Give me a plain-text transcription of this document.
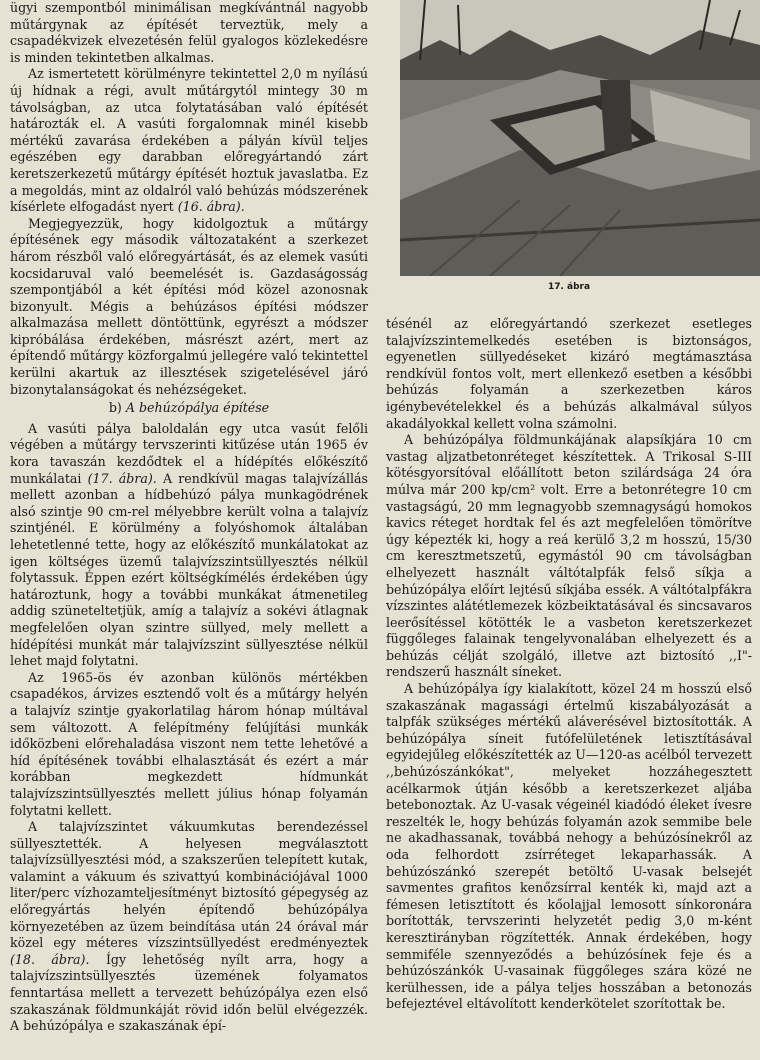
ügyi szempontból minimálisan megkívántnál nagyobb műtárgynak az építését terveztük, mely a csapadékvizek elvezetésén felül gyalogos közlekedésre is minden tekintetben alkalmas.

Az ismertetett körülményre tekintettel 2,0 m nyílású új hídnak a régi, avult műtárgytól mintegy 30 m távolságban, az utca folytatásában való építését határozták el. A vasúti forgalomnak minél kisebb mértékű zavarása érdekében a pályán kívül teljes egészében egy darabban előregyártandó zárt keretszerkezetű műtárgy építését hoztuk javaslatba. Ez a megoldás, mint az oldalról való behúzás módszerének kísérlete elfogadást nyert (16. ábra).

Megjegyezzük, hogy kidolgoztuk a műtárgy építésének egy második változataként a szerkezet három részből való előregyártását, és az elemek vasúti kocsidaruval való beemelését is. Gazdaságosság szempontjából a két építési mód közel azonosnak bizonyult. Mégis a behúzásos építési módszer alkalmazása mellett döntöttünk, egyrészt a módszer kipróbálása érdekében, másrészt azért, mert az építendő műtárgy közforgalmú jellegére való tekintettel kerülni akartuk az illesztések szigetelésével járó bizonytalanságokat és nehézségeket.

b) A behúzópálya építése

A vasúti pálya baloldalán egy utca vasút felőli végében a műtárgy tervszerinti kitűzése után 1965 év kora tavaszán kezdődtek el a hídépítés előkészítő munkálatai (17. ábra). A rendkívül magas talajvízállás mellett azonban a hídbehúzó pálya munkagödrének alsó szintje 90 cm-rel mélyebbre került volna a talajvíz szintjénél. E körülmény a folyóshomok általában lehetetlenné tette, hogy az előkészítő munkálatokat az igen költséges üzemű talajvízszintsüllyesztés nélkül folytassuk. Éppen ezért költségkímélés érdekében úgy határoztunk, hogy a további munkákat átmenetileg addig szüneteltetjük, amíg a talajvíz a sokévi átlagnak megfelelően olyan szintre süllyed, mely mellett a hídépítési munkát már talajvízszint süllyesztése nélkül lehet majd folytatni.

Az 1965-ös év azonban különös mértékben csapadékos, árvizes esztendő volt és a műtárgy helyén a talajvíz szintje gyakorlatilag három hónap múltával sem változott. A felépítmény felújítási munkák időközbeni előrehaladása viszont nem tette lehetővé a híd építésének további elhalasztását és ezért a már korábban megkezdett hídmunkát talajvízszintsüllyesztés mellett július hónap folyamán folytatni kellett.

A talajvízszintet vákuumkutas berendezéssel süllyesztették. A helyesen megválasztott talajvízsüllyesztési mód, a szakszerűen telepített kutak, valamint a vákuum és szivattyú kombinációjával 1000 liter/perc vízhozamteljesítményt biztosító gépegység az előregyártás helyén építendő behúzópálya környezetében az üzem beindítása után 24 órával már közel egy méteres vízszintsüllyedést eredményeztek (18. ábra). Így lehetőség nyílt arra, hogy a talajvízszintsüllyesztés üzemének folyamatos fenntartása mellett a tervezett behúzópálya ezen első szakaszának földmunkáját rövid időn belül elvégezzék. A behúzópálya e szakaszának épí-

17. ábra

tésénél az előregyártandó szerkezet esetleges talajvízszintemelkedés esetében is biztonságos, egyenetlen süllyedéseket kizáró megtámasztása rendkívül fontos volt, mert ellenkező esetben a későbbi behúzás folyamán a szerkezetben káros igénybevételekkel és a behúzás alkalmával súlyos akadályokkal kellett volna számolni.

A behúzópálya földmunkájának alapsíkjára 10 cm vastag aljzatbetonréteget készítettek. A Trikosal S-III kötésgyorsítóval előállított beton szilárdsága 24 óra múlva már 200 kp/cm² volt. Erre a betonrétegre 10 cm vastagságú, 20 mm legnagyobb szemnagyságú homokos kavics réteget hordtak fel és azt megfelelően tömörítve úgy képezték ki, hogy a reá kerülő 3,2 m hosszú, 15/30 cm keresztmetszetű, egymástól 90 cm távolságban elhelyezett használt váltótalpfák felső síkja a behúzópálya előírt lejtésű síkjába essék. A váltótalpfákra vízszintes alátétlemezek közbeiktatásával és sincsavaros leerősítéssel kötötték le a vasbeton keretszerkezet függőleges falainak tengelyvonalában elhelyezett és a behúzás célját szolgáló, illetve azt biztosító ,,I"-rendszerű használt síneket.

A behúzópálya így kialakított, közel 24 m hosszú első szakaszának magassági értelmű kiszabályozását a talpfák szükséges mértékű aláverésével biztosították. A behúzópálya síneit futófelületének letisztításával egyidejűleg előkészítették az U—120-as acélból tervezett ,,behúzószánkókat", melyeket hozzáhegesztett acélkarmok útján később a keretszerkezet aljába betebonoztak. Az U-vasak végeinél kiadódó éleket ívesre reszelték le, hogy behúzás folyamán azok semmibe bele ne akadhassanak, továbbá nehogy a behúzósínekről az oda felhordott zsírréteget lekaparhassák. A behúzószánkó szerepét betöltő U-vasak belsejét savmentes grafitos kenőzsírral kenték ki, majd azt a fémesen letisztított és kőolajjal lemosott sínkoronára borították, tervszerinti helyzetét pedig 3,0 m-ként keresztirányban rögzítették. Annak érdekében, hogy semmiféle szennyeződés a behúzósínek feje és a behúzószánkók U-vasainak függőleges szára közé ne kerülhessen, ide a pálya teljes hosszában a betonozás befejeztével eltávolított kenderkötelet szorítottak be.
